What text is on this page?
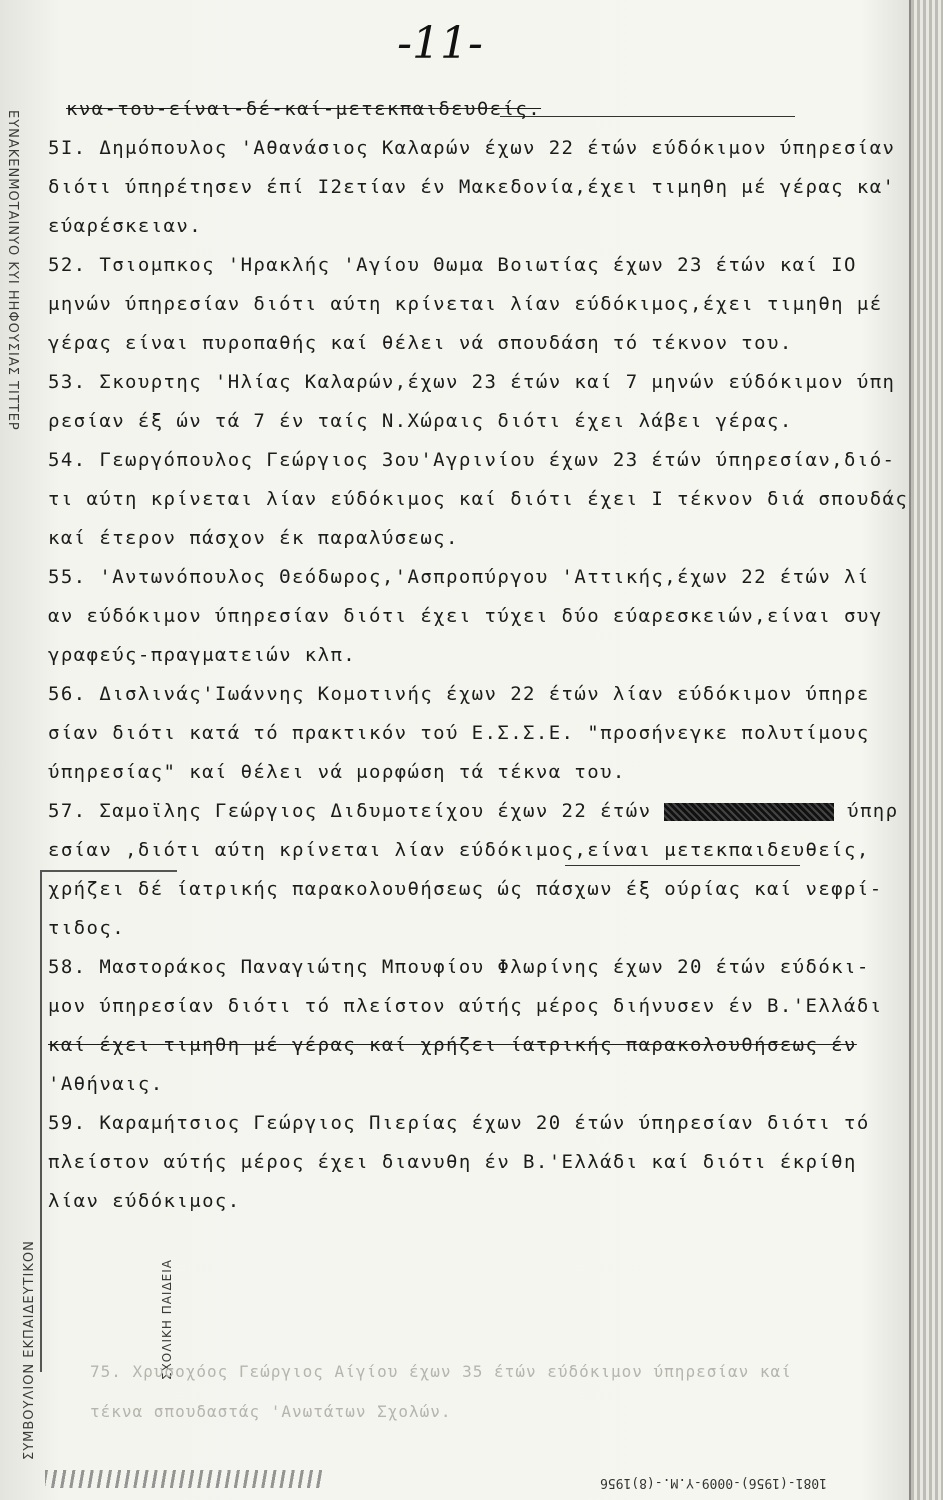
-11-
ΕΥΝΑΚΕΝΜΟΤΑΙΝΥΟ ΚΥΙ ΗΗΦΟΥΣΙΑΣ ΤΙΤΤΕΡ
ΣΥΜΒΟΥΛΙΟΝ ΕΚΠΑΙΔΕΥΤΙΚΟΝ	ΣΧΟΛΙΚΗ ΠΑΙΔΕΙΑ
κνα-του-είναι-δέ-καί-μετεκπαιδευθείς.
5I. Δημόπουλος 'Αθανάσιος Καλαρών έχων 22 έτών εύδόκιμον ύπηρεσίαν
διότι ύπηρέτησεν έπί I2ετίαν έν Μακεδονία,έχει τιμηθη μέ γέρας κα'
εύαρέσκειαν.
52. Τσιομπκος 'Ηρακλής 'Αγίου Θωμα Βοιωτίας έχων 23 έτών καί IO
μηνών ύπηρεσίαν διότι αύτη κρίνεται λίαν εύδόκιμος,έχει τιμηθη μέ
γέρας είναι πυροπαθής καί θέλει νά σπουδάση τό τέκνον του.
53. Σκουρτης 'Ηλίας Καλαρών,έχων 23 έτών καί 7 μηνών εύδόκιμον ύπη
ρεσίαν έξ ών τά 7 έν ταίς Ν.Χώραις διότι έχει λάβει γέρας.
54. Γεωργόπουλος Γεώργιος 3ου'Αγρινίου έχων 23 έτών ύπηρεσίαν,διό-
τι αύτη κρίνεται λίαν εύδόκιμος καί διότι έχει I τέκνον διά σπουδάς
καί έτερον πάσχον έκ παραλύσεως.
55. 'Αντωνόπουλος Θεόδωρος,'Ασπροπύργου 'Αττικής,έχων 22 έτών λί
αν εύδόκιμον ύπηρεσίαν διότι έχει τύχει δύο εύαρεσκειών,είναι συγ
γραφεύς-πραγματειών κλπ.
56. Δισλινάς'Ιωάννης Κομοτινής έχων 22 έτών λίαν εύδόκιμον ύπηρε
σίαν διότι κατά τό πρακτικόν τού Ε.Σ.Σ.Ε. "προσήνεγκε πολυτίμους
ύπηρεσίας" καί θέλει νά μορφώση τά τέκνα του.
57. Σαμοϊλης Γεώργιος Διδυμοτείχου έχων 22 έτών	ύπηρ
εσίαν ,διότι αύτη κρίνεται λίαν εύδόκιμος,είναι μετεκπαιδευθείς,
χρήζει δέ ίατρικής παρακολουθήσεως ώς πάσχων έξ ούρίας καί νεφρί-
τιδος.
58. Μαστοράκος Παναγιώτης Μπουφίου Φλωρίνης έχων 20 έτών εύδόκι-
μον ύπηρεσίαν διότι τό πλείστον αύτής μέρος διήνυσεν έν Β.'Ελλάδι
καί έχει τιμηθη μέ γέρας καί χρήζει ίατρικής παρακολουθήσεως έν
'Αθήναις.
59. Καραμήτσιος Γεώργιος Πιερίας έχων 20 έτών ύπηρεσίαν διότι τό
πλείστον αύτής μέρος έχει διανυθη έν Β.'Ελλάδι καί διότι έκρίθη
λίαν εύδόκιμος.
75. Χρυσοχόος Γεώργιος Αίγίου έχων 35 έτών εύδόκιμον ύπηρεσίαν καί
τέκνα σπουδαστάς 'Ανωτάτων Σχολών.
1081-(1956)-0009-Υ.Μ.-(8)1956
